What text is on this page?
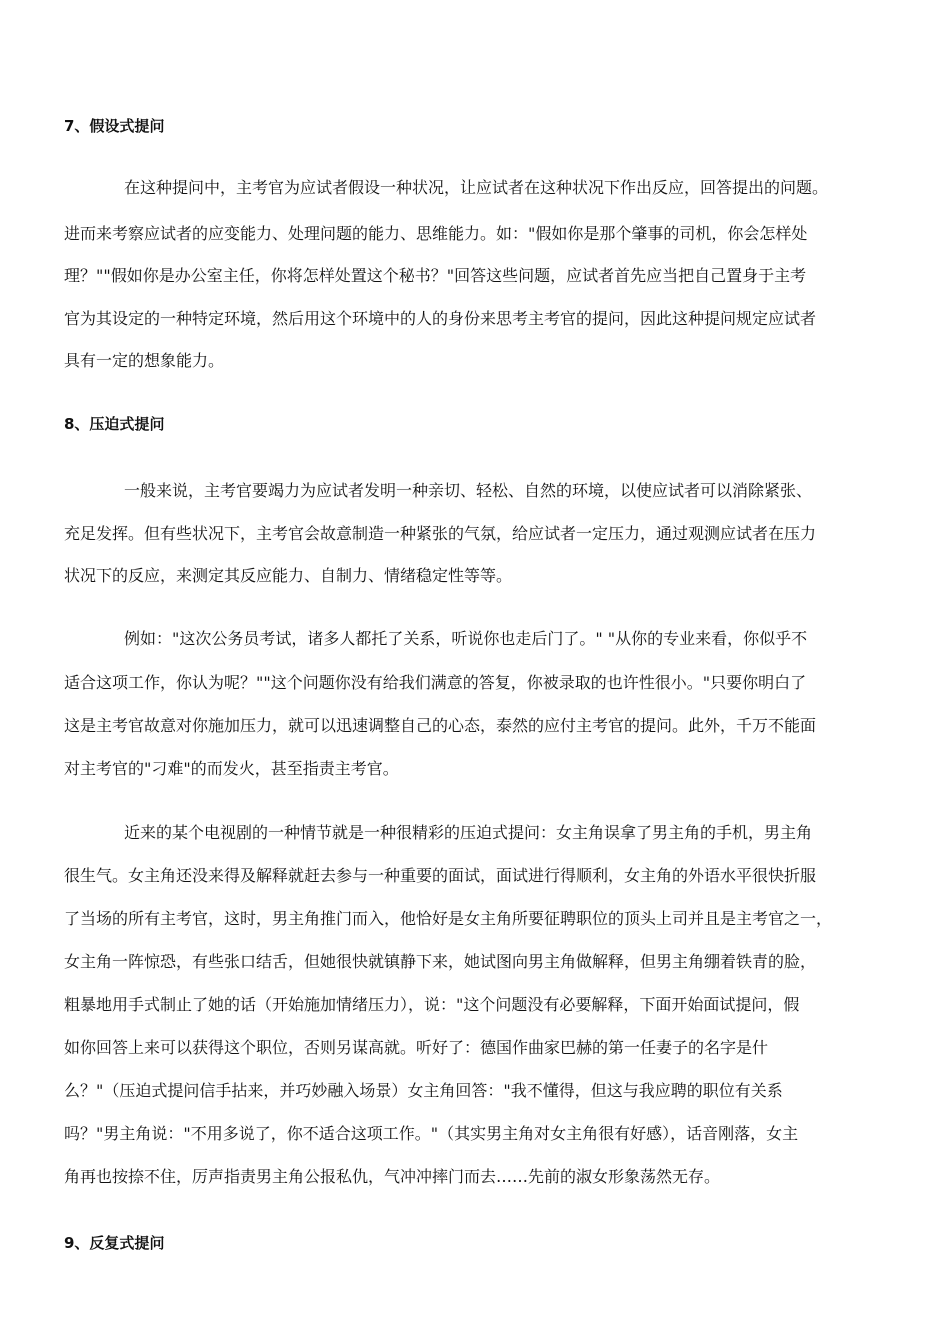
7、假设式提问
在这种提问中，主考官为应试者假设一种状况，让应试者在这种状况下作出反应，回答提出的问题。
进而来考察应试者的应变能力、处理问题的能力、思维能力。如："假如你是那个肇事的司机，你会怎样处
理？""假如你是办公室主任，你将怎样处置这个秘书？"回答这些问题，应试者首先应当把自己置身于主考
官为其设定的一种特定环境，然后用这个环境中的人的身份来思考主考官的提问，因此这种提问规定应试者
具有一定的想象能力。
8、压迫式提问
一般来说，主考官要竭力为应试者发明一种亲切、轻松、自然的环境，以使应试者可以消除紧张、
充足发挥。但有些状况下，主考官会故意制造一种紧张的气氛，给应试者一定压力，通过观测应试者在压力
状况下的反应，来测定其反应能力、自制力、情绪稳定性等等。
例如："这次公务员考试，诸多人都托了关系，听说你也走后门了。" "从你的专业来看，你似乎不
适合这项工作，你认为呢？""这个问题你没有给我们满意的答复，你被录取的也许性很小。"只要你明白了
这是主考官故意对你施加压力，就可以迅速调整自己的心态，泰然的应付主考官的提问。此外，千万不能面
对主考官的"刁难"的而发火，甚至指责主考官。
近来的某个电视剧的一种情节就是一种很精彩的压迫式提问：女主角误拿了男主角的手机，男主角
很生气。女主角还没来得及解释就赶去参与一种重要的面试，面试进行得顺利，女主角的外语水平很快折服
了当场的所有主考官，这时，男主角推门而入，他恰好是女主角所要征聘职位的顶头上司并且是主考官之一，
女主角一阵惊恐，有些张口结舌，但她很快就镇静下来，她试图向男主角做解释，但男主角绷着铁青的脸，
粗暴地用手式制止了她的话（开始施加情绪压力），说："这个问题没有必要解释，下面开始面试提问，假
如你回答上来可以获得这个职位，否则另谋高就。听好了：德国作曲家巴赫的第一任妻子的名字是什
么？"（压迫式提问信手拈来，并巧妙融入场景）女主角回答："我不懂得，但这与我应聘的职位有关系
吗？"男主角说："不用多说了，你不适合这项工作。"（其实男主角对女主角很有好感），话音刚落，女主
角再也按捺不住，厉声指责男主角公报私仇，气冲冲摔门而去……先前的淑女形象荡然无存。
9、反复式提问
